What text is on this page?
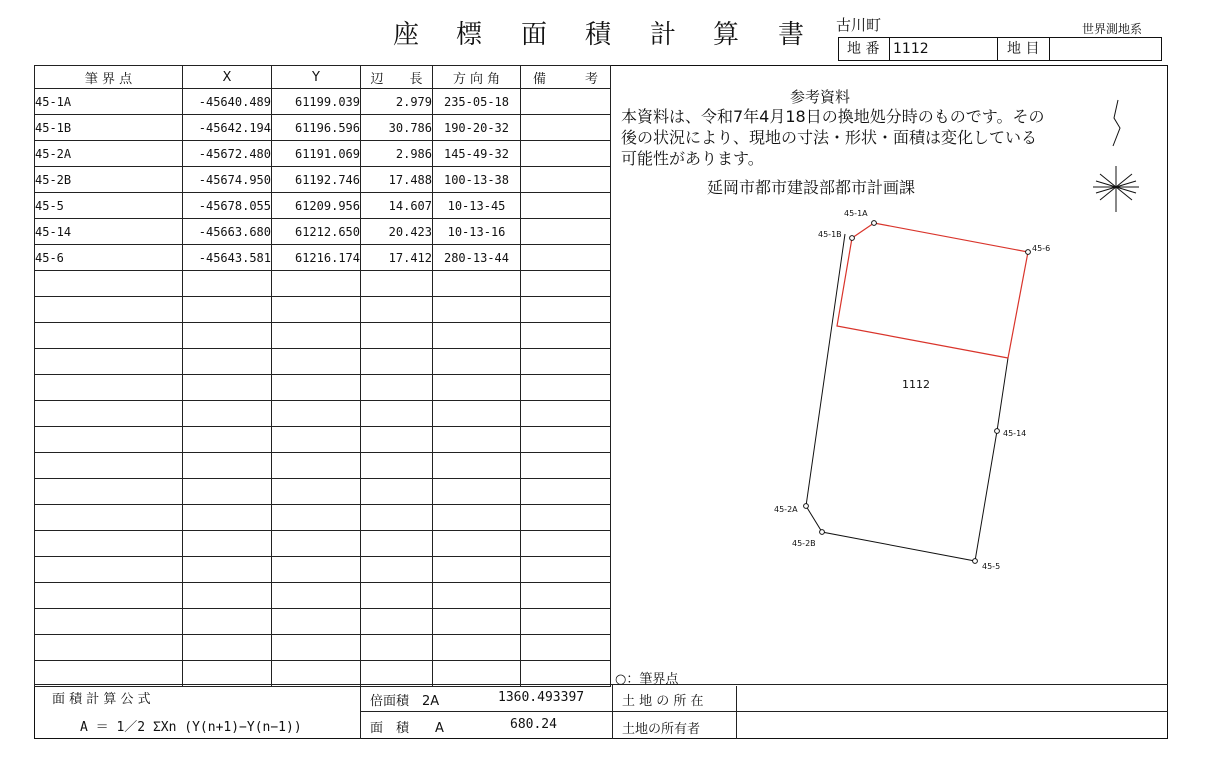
座 標 面 積 計 算 書 古川町	世界測地系
地 番 1112	地 目
筆 界 点	X	Y	辺　　長	方 向 角	備　　　考
45-1A	-45640.489	61199.039	2.979	235-05-18	
45-1B	-45642.194	61196.596	30.786	190-20-32	
45-2A	-45672.480	61191.069	2.986	145-49-32	
45-2B	-45674.950	61192.746	17.488	100-13-38	
45-5	-45678.055	61209.956	14.607	10-13-45	
45-14	-45663.680	61212.650	20.423	10-13-16	
45-6	-45643.581	61216.174	17.412	280-13-44	

面 積 計 算 公 式
A ＝ 1／2 ΣXn (Y(n+1)−Y(n−1))
倍面積　2A	1360.493397
面　積　　A	680.24
土 地 の 所 在
土地の所有者
参考資料
本資料は、令和7年4月18日の換地処分時のものです。その後の状況により、現地の寸法・形状・面積は変化している可能性があります。
延岡市都市建設部都市計画課
45-1A
45-1B
45-6
45-14
45-2A
45-2B
45-5
1112
○：筆界点
